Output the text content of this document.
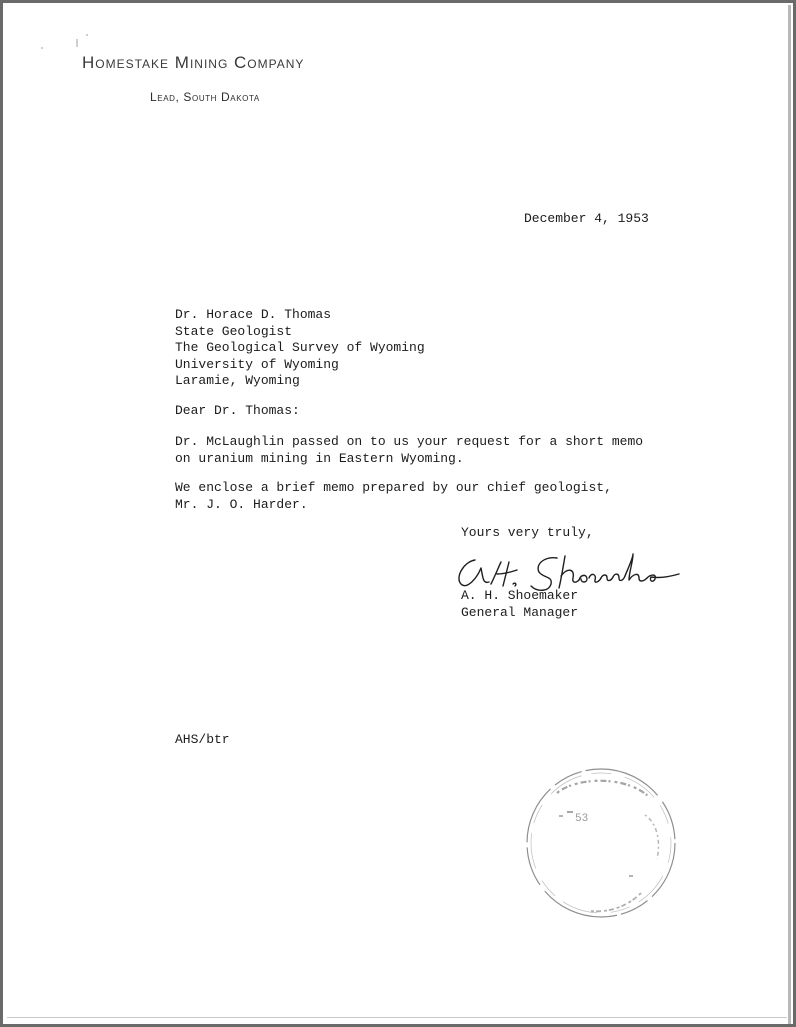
Homestake Mining Company
Lead, South Dakota
December 4, 1953
Dr. Horace D. Thomas
State Geologist
The Geological Survey of Wyoming
University of Wyoming
Laramie, Wyoming
Dear Dr. Thomas:
Dr. McLaughlin passed on to us your request for a short memo
on uranium mining in Eastern Wyoming.
We enclose a brief memo prepared by our chief geologist,
Mr. J. O. Harder.
Yours very truly,
A. H. Shoemaker
General Manager
AHS/btr
53
